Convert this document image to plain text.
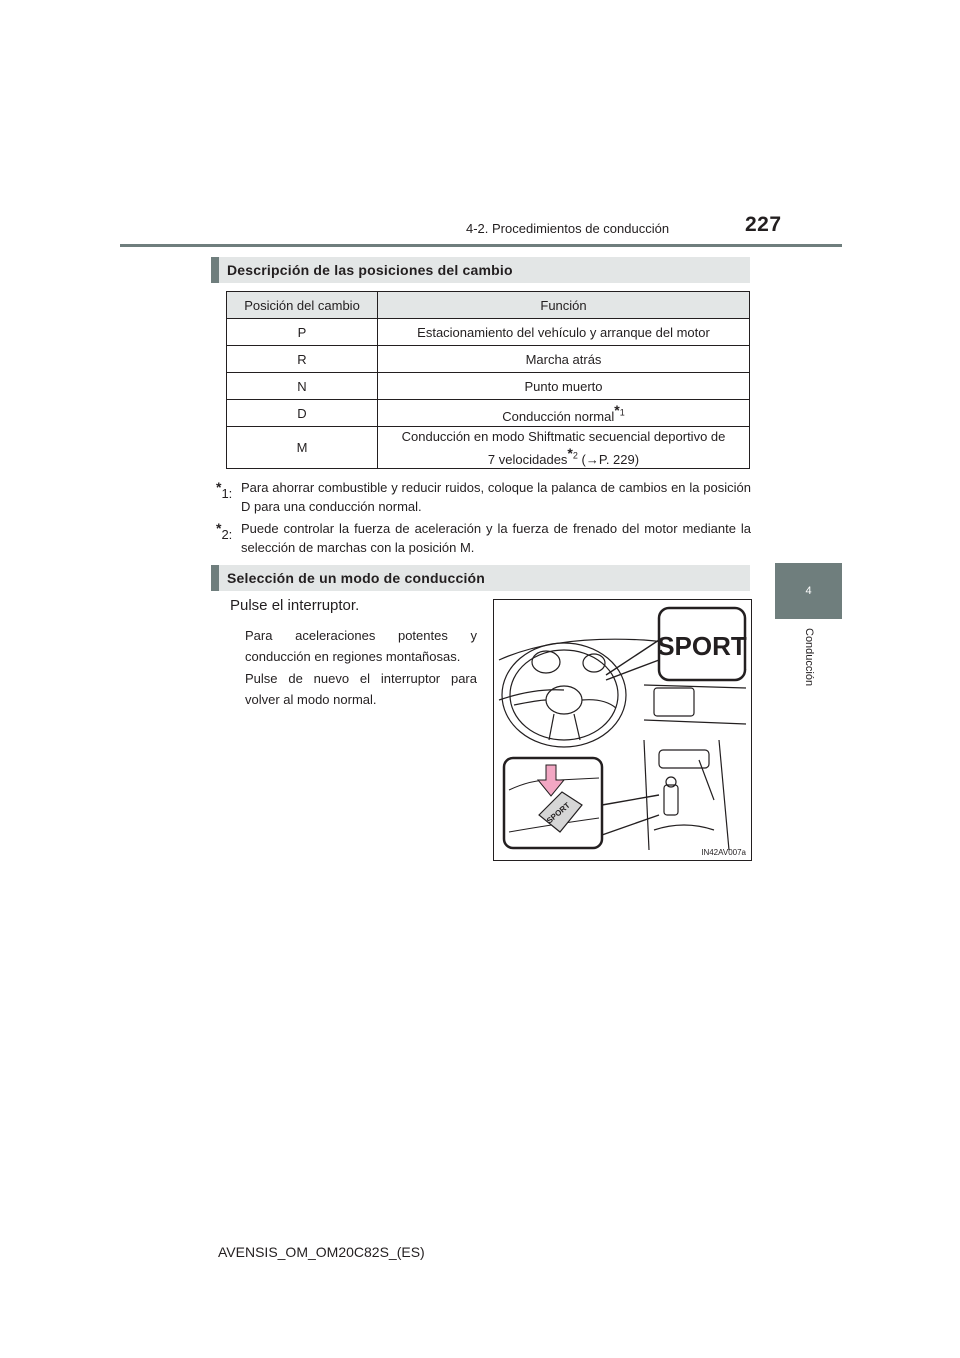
227
4-2. Procedimientos de conducción
4
Conducción
Descripción de las posiciones del cambio
Posición del cambio	Función
P	Estacionamiento del vehículo y arranque del motor
R	Marcha atrás
N	Punto muerto
D	Conducción normal*$^1$
M	Conducción en modo Shiftmatic secuencial deportivo de
7 velocidades*$^2$ (→P. 229)
*1: Para ahorrar combustible y reducir ruidos, coloque la palanca de cambios en la posición D para una conducción normal.
*2: Puede controlar la fuerza de aceleración y la fuerza de frenado del motor mediante la selección de marchas con la posición M.
Selección de un modo de conducción
Pulse el interruptor.
Para aceleraciones potentes y conducción en regiones montañosas.
Pulse de nuevo el interruptor para volver al modo normal.
SPORT
SPORT
IN42AV007a
AVENSIS_OM_OM20C82S_(ES)
